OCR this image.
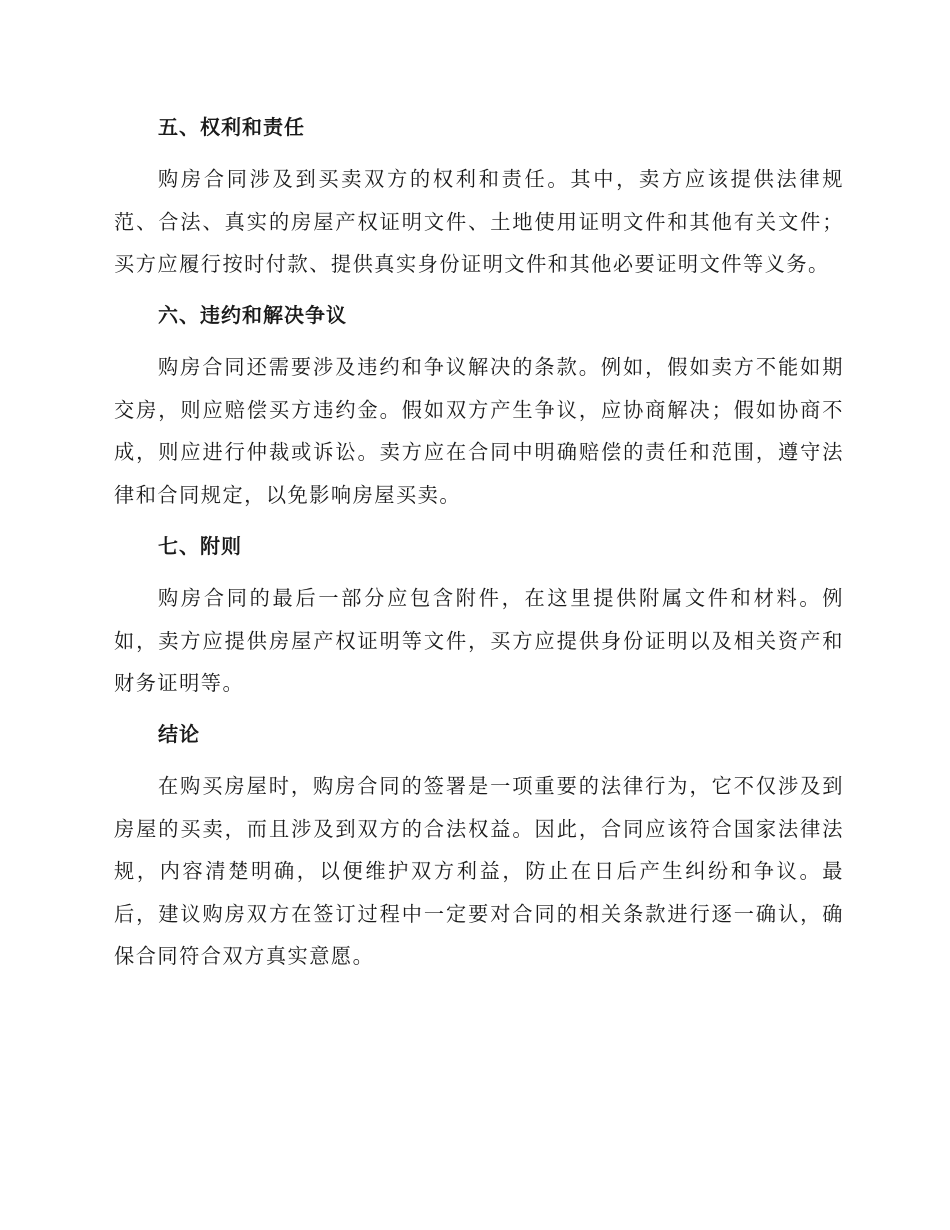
五、权利和责任

购房合同涉及到买卖双方的权利和责任。其中，卖方应该提供法律规范、合法、真实的房屋产权证明文件、土地使用证明文件和其他有关文件；买方应履行按时付款、提供真实身份证明文件和其他必要证明文件等义务。

六、违约和解决争议

购房合同还需要涉及违约和争议解决的条款。例如，假如卖方不能如期交房，则应赔偿买方违约金。假如双方产生争议，应协商解决；假如协商不成，则应进行仲裁或诉讼。卖方应在合同中明确赔偿的责任和范围，遵守法律和合同规定，以免影响房屋买卖。

七、附则

购房合同的最后一部分应包含附件，在这里提供附属文件和材料。例如，卖方应提供房屋产权证明等文件，买方应提供身份证明以及相关资产和财务证明等。

结论

在购买房屋时，购房合同的签署是一项重要的法律行为，它不仅涉及到房屋的买卖，而且涉及到双方的合法权益。因此，合同应该符合国家法律法规，内容清楚明确，以便维护双方利益，防止在日后产生纠纷和争议。最后，建议购房双方在签订过程中一定要对合同的相关条款进行逐一确认，确保合同符合双方真实意愿。
